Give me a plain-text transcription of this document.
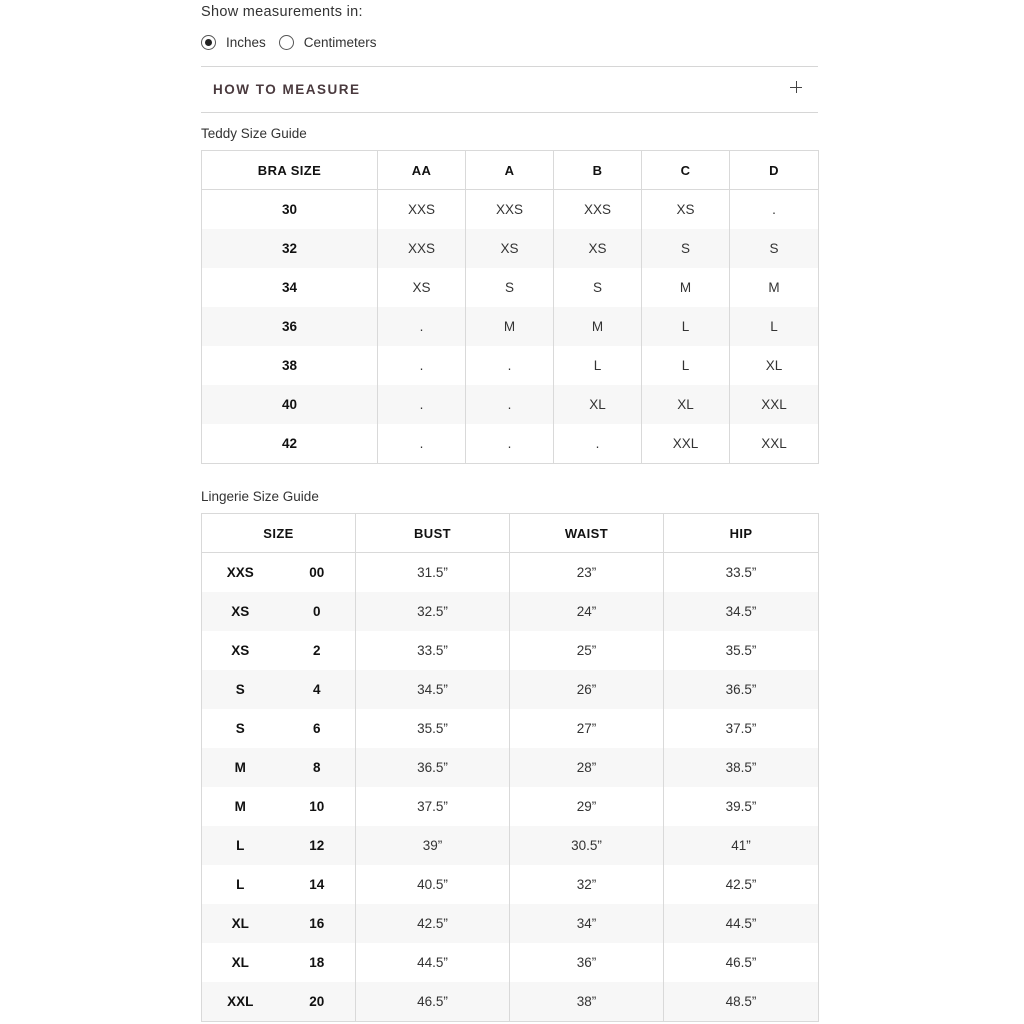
Show measurements in:
Inches	Centimeters
HOW TO MEASURE
Teddy Size Guide
BRA SIZE	AA	A	B	C	D
30	XXS	XXS	XXS	XS	.
32	XXS	XS	XS	S	S
34	XS	S	S	M	M
36	.	M	M	L	L
38	.	.	L	L	XL
40	.	.	XL	XL	XXL
42	.	.	.	XXL	XXL
Lingerie Size Guide
SIZE		BUST	WAIST	HIP
XXS	00	31.5”	23”	33.5”
XS	0	32.5”	24”	34.5”
XS	2	33.5”	25”	35.5”
S	4	34.5”	26”	36.5”
S	6	35.5”	27”	37.5”
M	8	36.5”	28”	38.5”
M	10	37.5”	29”	39.5”
L	12	39”	30.5”	41”
L	14	40.5”	32”	42.5”
XL	16	42.5”	34”	44.5”
XL	18	44.5”	36”	46.5”
XXL	20	46.5”	38”	48.5”
